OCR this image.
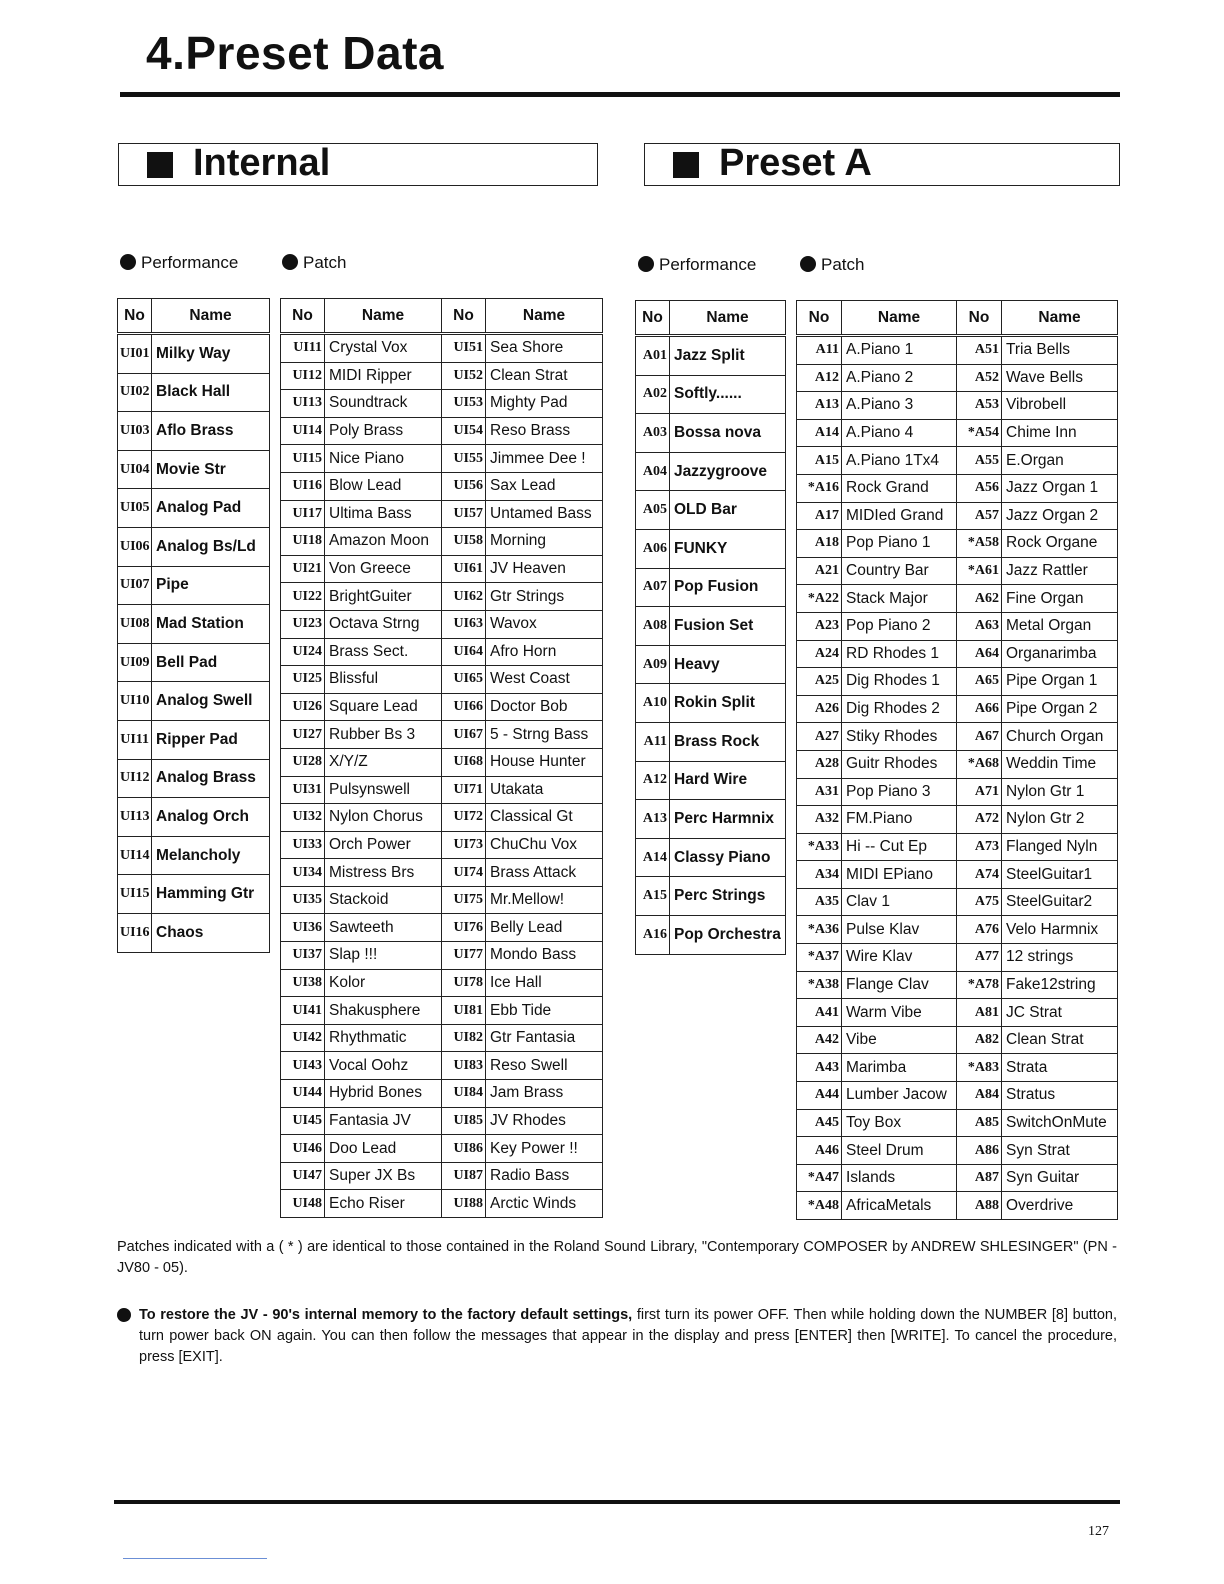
4.Preset Data
Internal
Performance	Patch
No	Name
UI01	Milky Way
UI02	Black Hall
UI03	Aflo Brass
UI04	Movie Str
UI05	Analog Pad
UI06	Analog Bs/Ld
UI07	Pipe
UI08	Mad Station
UI09	Bell Pad
UI10	Analog Swell
UI11	Ripper Pad
UI12	Analog Brass
UI13	Analog Orch
UI14	Melancholy
UI15	Hamming Gtr
UI16	Chaos
No	Name	No	Name
UI11	Crystal Vox	UI51	Sea Shore
UI12	MIDI Ripper	UI52	Clean Strat
UI13	Soundtrack	UI53	Mighty Pad
UI14	Poly Brass	UI54	Reso Brass
UI15	Nice Piano	UI55	Jimmee Dee !
UI16	Blow Lead	UI56	Sax Lead
UI17	Ultima Bass	UI57	Untamed Bass
UI18	Amazon Moon	UI58	Morning
UI21	Von Greece	UI61	JV Heaven
UI22	BrightGuiter	UI62	Gtr Strings
UI23	Octava Strng	UI63	Wavox
UI24	Brass Sect.	UI64	Afro Horn
UI25	Blissful	UI65	West Coast
UI26	Square Lead	UI66	Doctor Bob
UI27	Rubber Bs 3	UI67	5 - Strng Bass
UI28	X/Y/Z	UI68	House Hunter
UI31	Pulsynswell	UI71	Utakata
UI32	Nylon Chorus	UI72	Classical Gt
UI33	Orch Power	UI73	ChuChu Vox
UI34	Mistress Brs	UI74	Brass Attack
UI35	Stackoid	UI75	Mr.Mellow!
UI36	Sawteeth	UI76	Belly Lead
UI37	Slap !!!	UI77	Mondo Bass
UI38	Kolor	UI78	Ice Hall
UI41	Shakusphere	UI81	Ebb Tide
UI42	Rhythmatic	UI82	Gtr Fantasia
UI43	Vocal Oohz	UI83	Reso Swell
UI44	Hybrid Bones	UI84	Jam Brass
UI45	Fantasia JV	UI85	JV Rhodes
UI46	Doo Lead	UI86	Key Power !!
UI47	Super JX Bs	UI87	Radio Bass
UI48	Echo Riser	UI88	Arctic Winds
Preset A
Performance	Patch
No	Name
A01	Jazz Split
A02	Softly......
A03	Bossa nova
A04	Jazzygroove
A05	OLD Bar
A06	FUNKY
A07	Pop Fusion
A08	Fusion Set
A09	Heavy
A10	Rokin Split
A11	Brass Rock
A12	Hard Wire
A13	Perc Harmnix
A14	Classy Piano
A15	Perc Strings
A16	Pop Orchestra
No	Name	No	Name
A11	A.Piano 1	A51	Tria Bells
A12	A.Piano 2	A52	Wave Bells
A13	A.Piano 3	A53	Vibrobell
A14	A.Piano 4	*A54	Chime Inn
A15	A.Piano 1Tx4	A55	E.Organ
*A16	Rock Grand	A56	Jazz Organ 1
A17	MIDIed Grand	A57	Jazz Organ 2
A18	Pop Piano 1	*A58	Rock Organe
A21	Country Bar	*A61	Jazz Rattler
*A22	Stack Major	A62	Fine Organ
A23	Pop Piano 2	A63	Metal Organ
A24	RD Rhodes 1	A64	Organarimba
A25	Dig Rhodes 1	A65	Pipe Organ 1
A26	Dig Rhodes 2	A66	Pipe Organ 2
A27	Stiky Rhodes	A67	Church Organ
A28	Guitr Rhodes	*A68	Weddin Time
A31	Pop Piano 3	A71	Nylon Gtr 1
A32	FM.Piano	A72	Nylon Gtr 2
*A33	Hi -- Cut Ep	A73	Flanged Nyln
A34	MIDI EPiano	A74	SteelGuitar1
A35	Clav 1	A75	SteelGuitar2
*A36	Pulse Klav	A76	Velo Harmnix
*A37	Wire Klav	A77	12 strings
*A38	Flange Clav	*A78	Fake12string
A41	Warm Vibe	A81	JC Strat
A42	Vibe	A82	Clean Strat
A43	Marimba	*A83	Strata
A44	Lumber Jacow	A84	Stratus
A45	Toy Box	A85	SwitchOnMute
A46	Steel Drum	A86	Syn Strat
*A47	Islands	A87	Syn Guitar
*A48	AfricaMetals	A88	Overdrive
Patches indicated with a ( * ) are identical to those contained in the Roland Sound Library, "Contemporary COMPOSER by ANDREW SHLESINGER" (PN - JV80 - 05).
To restore the JV - 90's internal memory to the factory default settings, first turn its power OFF. Then while holding down the NUMBER [8] button, turn power back ON again. You can then follow the messages that appear in the display and press [ENTER] then [WRITE]. To cancel the procedure, press [EXIT].
127
